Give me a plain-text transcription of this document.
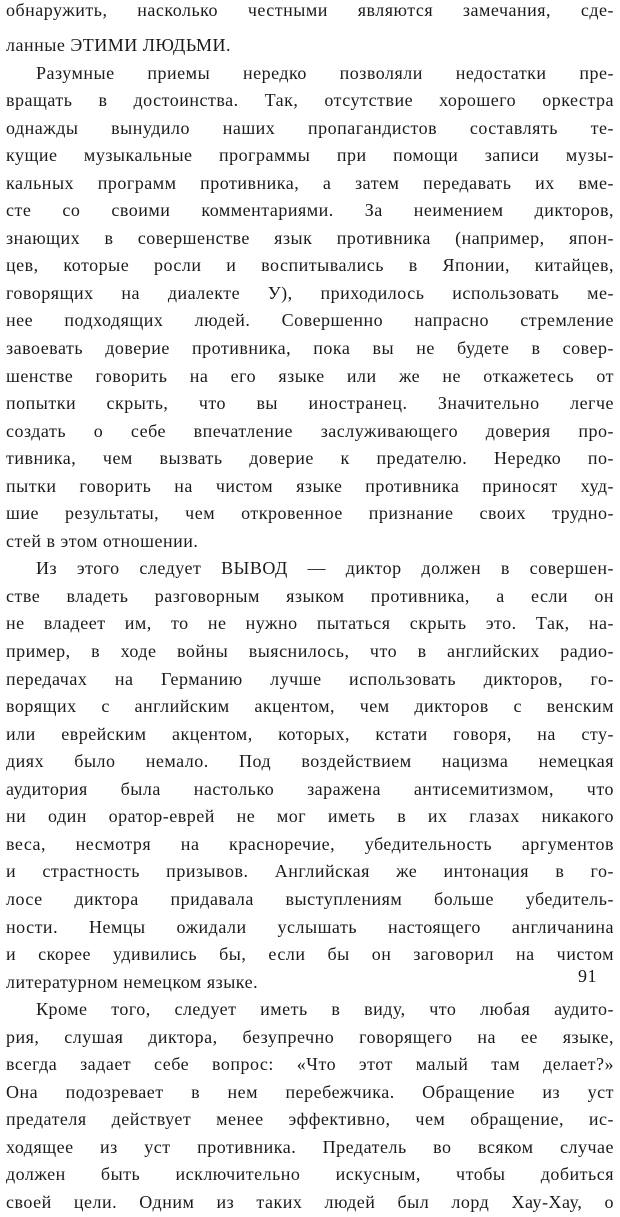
обнаружить, насколько честными являются замечания, сде-
ланные ЭТИМИ ЛЮДЬМИ.
Разумные приемы нередко позволяли недостатки пре-
вращать в достоинства. Так, отсутствие хорошего оркестра
однажды вынудило наших пропагандистов составлять те-
кущие музыкальные программы при помощи записи музы-
кальных программ противника, а затем передавать их вме-
сте со своими комментариями. За неимением дикторов,
знающих в совершенстве язык противника (например, япон-
цев, которые росли и воспитывались в Японии, китайцев,
говорящих на диалекте У), приходилось использовать ме-
нее подходящих людей. Совершенно напрасно стремление
завоевать доверие противника, пока вы не будете в совер-
шенстве говорить на его языке или же не откажетесь от
попытки скрыть, что вы иностранец. Значительно легче
создать о себе впечатление заслуживающего доверия про-
тивника, чем вызвать доверие к предателю. Нередко по-
пытки говорить на чистом языке противника приносят худ-
шие результаты, чем откровенное признание своих трудно-
стей в этом отношении.
Из этого следует ВЫВОД — диктор должен в совершен-
стве владеть разговорным языком противника, а если он
не владеет им, то не нужно пытаться скрыть это. Так, на-
пример, в ходе войны выяснилось, что в английских радио-
передачах на Германию лучше использовать дикторов, го-
ворящих с английским акцентом, чем дикторов с венским
или еврейским акцентом, которых, кстати говоря, на сту-
диях было немало. Под воздействием нацизма немецкая
аудитория была настолько заражена антисемитизмом, что
ни один оратор-еврей не мог иметь в их глазах никакого
веса, несмотря на красноречие, убедительность аргументов
и страстность призывов. Английская же интонация в го-
лосе диктора придавала выступлениям больше убедитель-
ности. Немцы ожидали услышать настоящего англичанина
и скорее удивились бы, если бы он заговорил на чистом
литературном немецком языке.
Кроме того, следует иметь в виду, что любая аудито-
рия, слушая диктора, безупречно говорящего на ее языке,
всегда задает себе вопрос: «Что этот малый там делает?»
Она подозревает в нем перебежчика. Обращение из уст
предателя действует менее эффективно, чем обращение, ис-
ходящее из уст противника. Предатель во всяком случае
должен быть исключительно искусным, чтобы добиться
своей цели. Одним из таких людей был лорд Хау-Хау, о
91
